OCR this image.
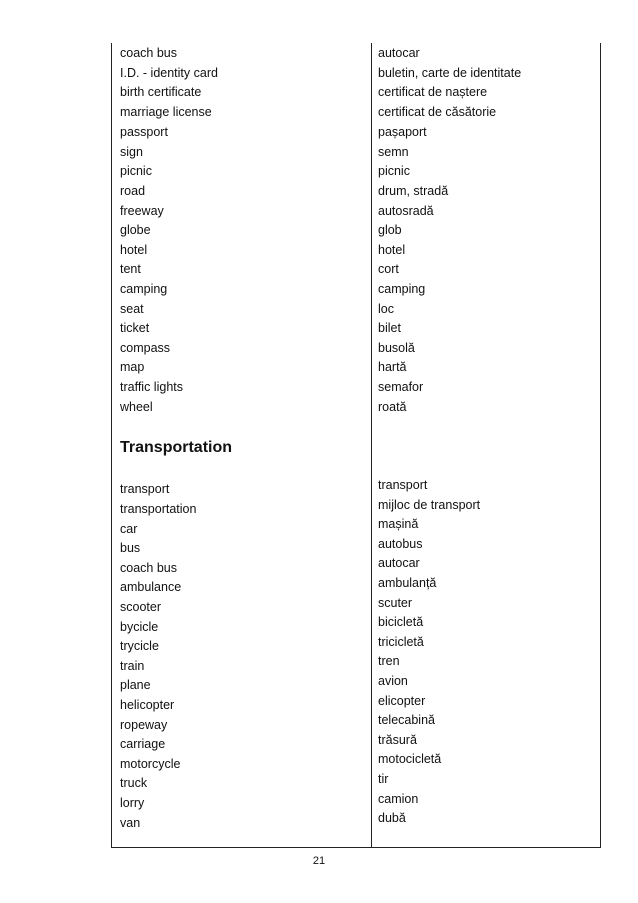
coach bus
I.D. - identity card
birth certificate
marriage license
passport
sign
picnic
road
freeway
globe
hotel
tent
camping
seat
ticket
compass
map
traffic lights
wheel
transport
transportation
car
bus
coach bus
ambulance
scooter
bycicle
trycicle
train
plane
helicopter
ropeway
carriage
motorcycle
truck
lorry
van
Transportation
autocar
buletin, carte de identitate
certificat de naștere
certificat de căsătorie
pașaport
semn
picnic
drum, stradă
autosradă
glob
hotel
cort
camping
loc
bilet
busolă
hartă
semafor
roată
transport
mijloc de transport
mașină
autobus
autocar
ambulanță
scuter
bicicletă
tricicletă
tren
avion
elicopter
telecabină
trăsură
motocicletă
tir
camion
dubă
21
